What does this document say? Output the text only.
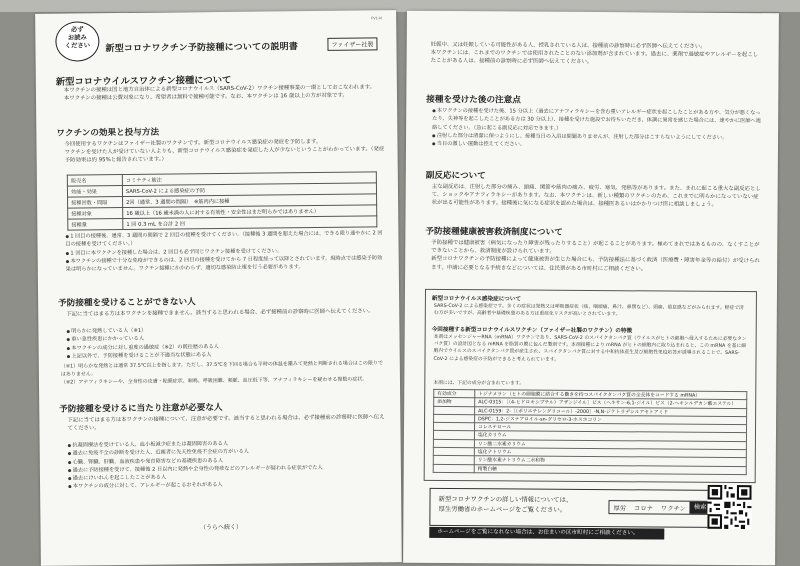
FV1-kl
必ず
お読み
ください	新型コロナワクチン予防接種についての説明書	ファイザー社製
新型コロナウイルスワクチン接種について
本ワクチンの接種は国と地方自治体による新型コロナウイルス（SARS-CoV-2）ワクチン接種事業の一環としておこなわれます。
本ワクチンの接種は公費対象になり、希望者は無料で接種可能です。なお、本ワクチンは 16 歳以上の方が対象です。
ワクチンの効果と投与方法
今回使用するワクチンはファイザー社製のワクチンです。新型コロナウイルス感染症の発症を予防します。
ワクチンを受けた人が受けていない人よりも、新型コロナウイルス感染症を発症した人が少ないということがわかっています。（発症予防効果は約 95%と報告されています。）
販売名	コミナティ筋注
効能・効果	SARS-CoV-2 による感染症の予防
接種回数・間隔	2回（通常、3 週間の間隔）　※筋肉内に接種
接種対象	16 歳以上（16 歳未満の人に対する有効性・安全性はまだ明らかではありません）
接種量	1 回 0.3 mL を合計 2 回
● 1 回目の接種後、通常、3 週間の間隔で 2 回目の接種を受けてください。（接種後 3 週間を超えた場合には、できる限り速やかに 2 回目の接種を受けてください。）
● 1 回目に本ワクチンを接種した場合は、2 回目も必ず同じワクチン接種を受けてください。
● 本ワクチンの接種で十分な免疫ができるのは、2 回目の接種を受けてから 7 日程度経って以降とされています。現時点では感染予防効果は明らかになっていません。ワクチン接種にかかわらず、適切な感染防止策を行う必要があります。
予防接種を受けることができない人
下記に当てはまる方は本ワクチンを接種できません。該当すると思われる場合、必ず接種前の診察時に医師へ伝えてください。
● 明らかに発熱している人（※1）
● 重い急性疾患にかかっている人
● 本ワクチンの成分に対し重度の過敏症（※2）の既往歴のある人
● 上記以外で、予防接種を受けることが不適当な状態にある人
（※1）明らかな発熱とは通常 37.5℃以上を指します。ただし、37.5℃を下回る場合も平時の体温を鑑みて発熱と判断される場合はこの限りではありません。
（※2）アナフィラキシーや、全身性の皮膚・粘膜症状、喘鳴、呼吸困難、頻脈、血圧低下等、アナフィラキシーを疑わせる複数の症状。
予防接種を受けるに当たり注意が必要な人
下記に当てはまる方は本ワクチンの接種について、注意が必要です。該当すると思われる場合は、必ず接種前の診察時に医師へ伝えてください。
● 抗凝固療法を受けている人、血小板減少症または凝固障害のある人
● 過去に免疫不全の診断を受けた人、近親者に先天性免疫不全症の方がいる人
● 心臓、腎臓、肝臓、血液疾患や発育障害などの基礎疾患のある人
● 過去に予防接種を受けて、接種後 2 日以内に発熱や全身性の発疹などのアレルギーが疑われる症状がでた人
● 過去にけいれんを起こしたことがある人
● 本ワクチンの成分に対して、アレルギーが起こるおそれがある人
（うらへ続く）
妊娠中、又は妊娠している可能性がある人、授乳されている人は、接種前の診察時に必ず医師へ伝えてください。
本ワクチンには、これまでのワクチンでは使用されたことのない添加剤が含まれています。過去に、薬剤で過敏症やアレルギーを起こしたことがある人は、接種前の診察時に必ず医師へ伝えてください。
接種を受けた後の注意点
● 本ワクチンの接種を受けた後、15 分以上（過去にアナフィラキシーを含む重いアレルギー症状を起こしたことがある方や、気分が悪くなったり、失神等を起こしたことがある方は 30 分以上）、接種を受けた施設でお待ちいただき、体調に異常を感じた場合には、速やかに医師へ連絡してください。（急に起こる副反応に対応できます。）
● 注射した部分は清潔に保つようにし、接種当日の入浴は問題ありませんが、注射した部分はこすらないようにしてください。
● 当日の激しい運動は控えてください。
副反応について
主な副反応は、注射した部分の痛み、頭痛、関節や筋肉の痛み、疲労、寒気、発熱等があります。また、まれに起こる重大な副反応として、ショックやアナフィラキシーがあります。なお、本ワクチンは、新しい種類のワクチンのため、これまでに明らかになっていない症状が出る可能性があります。接種後に気になる症状を認めた場合は、接種医あるいはかかりつけ医に相談しましょう。
予防接種健康被害救済制度について
予防接種では健康被害（病気になったり障害が残ったりすること）が起こることがあります。極めてまれではあるものの、なくすことができないことから、救済制度が設けられています。
新型コロナワクチンの予防接種によって健康被害が生じた場合にも、予防接種法に基づく救済（医療費・障害年金等の給付）が受けられます。申請に必要となる手続きなどについては、住民票がある市町村にご相談ください。
新型コロナウイルス感染症について
SARS-CoV-2 による感染症です。多くの症状は発熱又は呼吸器症状（咳、咽頭痛、鼻汁、鼻閉など）、頭痛、倦怠感などがみられます。軽症で済む方が多いですが、高齢者や基礎疾患のある方は重症化リスクが高いとされています。
今回接種する新型コロナウイルスワクチン（ファイザー社製のワクチン）の特徴
本剤はメッセンジャーRNA（mRNA）ワクチンであり、SARS-CoV-2 のスパイクタンパク質（ウイルスがヒトの細胞へ侵入するために必要なタンパク質）の設計図となる mRNA を脂質の膜に包んだ製剤です。本剤接種により mRNA がヒトの細胞内に取り込まれると、この mRNA を基に細胞内でウイルスのスパイクタンパク質が産生され、スパイクタンパク質に対する中和抗体産生及び細胞性免疫応答が誘導されることで、SARS-CoV-2 による感染症の予防ができると考えられています。
本剤には、下記の成分が含まれています。
有効成分	トジナメラン（ヒトの細胞膜に結合する働きを持つスパイクタンパク質の全長体をコードする mRNA）
添加物	ALC-0315：［（4-ヒドロキシブチル）アザンジイル］ビス（ヘキサン-6,1-ジイル）ビス（2-ヘキシルデカン酸エステル）
	ALC-0159：2-［（ポリエチレングリコール）-2000］-N,N-ジテトラデシルアセトアミド
	DSPC：1,2-ジステアロイル-sn-グリセロ-3-ホスホコリン
	コレステロール
	塩化カリウム
	リン酸二水素カリウム
	塩化ナトリウム
	リン酸水素ナトリウム二水和物
	精製白糖
新型コロナワクチンの詳しい情報については、
厚生労働省のホームページをご覧ください。	厚労	コロナ	ワクチン	検索
ホームページをご覧になれない場合は、お住まいの区市町村にご相談ください。
